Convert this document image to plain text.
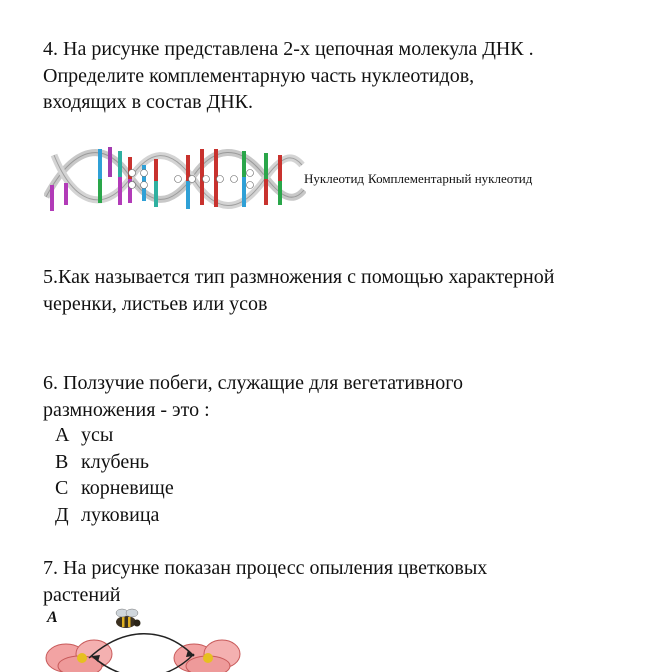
4. На рисунке представлена 2-х цепочная молекула ДНК .
Определите комплементарную часть нуклеотидов,
входящих в состав ДНК.
Нуклеотид Комплементарный нуклеотид
5.Как называется тип размножения с помощью характерной
черенки, листьев или усов
6. Ползучие побеги, служащие для вегетативного
размножения - это :
А усы
В клубень
С корневище
Д луковица
7. На рисунке показан процесс опыления цветковых
растений
А
